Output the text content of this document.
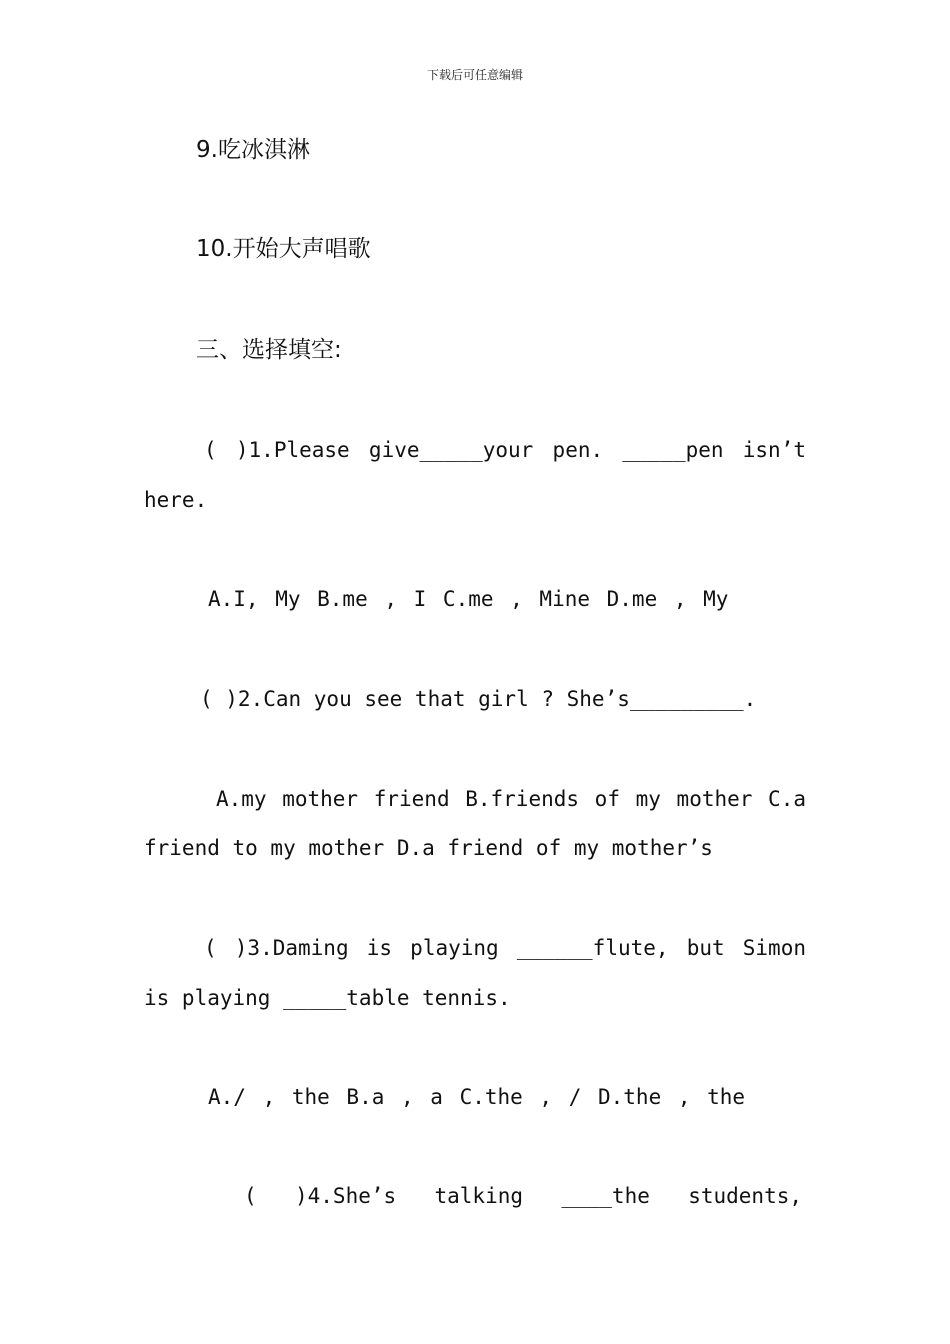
下载后可任意编辑
9.吃冰淇淋
10.开始大声唱歌
三、选择填空:
( )1.Please give_____your pen. _____pen isn’t
here.
A.I, My B.me , I C.me , Mine D.me , My
( )2.Can you see that girl ? She’s_________.
A.my mother friend B.friends of my mother C.a
friend to my mother D.a friend of my mother’s
( )3.Daming is playing ______flute, but Simon
is playing _____table tennis.
A./ , the B.a , a C.the , / D.the , the
( )4.She’s talking ____the students,
